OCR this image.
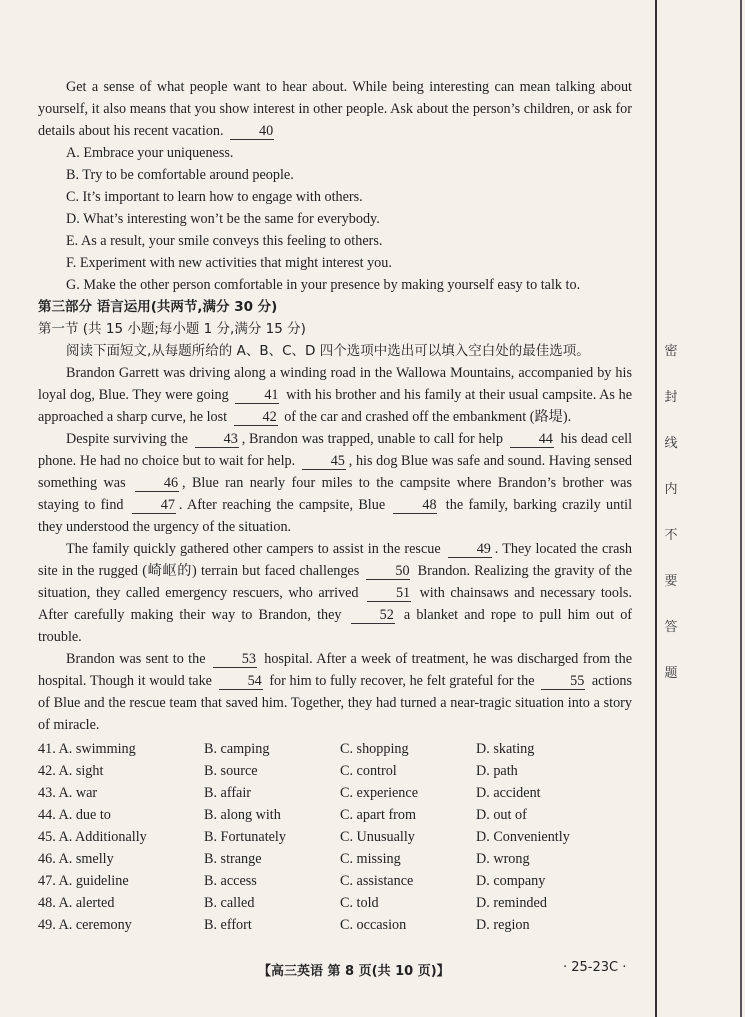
Get a sense of what people want to hear about. While being interesting can mean talking about yourself, it also means that you show interest in other people. Ask about the person’s children, or ask for details about his recent vacation. 40

A. Embrace your uniqueness.

B. Try to be comfortable around people.

C. It’s important to learn how to engage with others.

D. What’s interesting won’t be the same for everybody.

E. As a result, your smile conveys this feeling to others.

F. Experiment with new activities that might interest you.

G. Make the other person comfortable in your presence by making yourself easy to talk to.

第三部分 语言运用(共两节,满分 30 分)

第一节 (共 15 小题;每小题 1 分,满分 15 分)

阅读下面短文,从每题所给的 A、B、C、D 四个选项中选出可以填入空白处的最佳选项。

Brandon Garrett was driving along a winding road in the Wallowa Mountains, accompanied by his loyal dog, Blue. They were going	41 with his brother and his family at their usual campsite. As he approached a sharp curve, he lost 42 of the car and crashed off the embankment (路堤).

Despite surviving the	43 , Brandon was trapped, unable to call for help	44 his dead cell phone. He had no choice but to wait for help.	45 , his dog Blue was safe and sound. Having sensed something was	46 , Blue ran nearly four miles to the campsite where Brandon’s brother was staying to find	47 . After reaching the campsite, Blue	48 the family, barking crazily until they understood the urgency of the situation.

The family quickly gathered other campers to assist in the rescue	49 . They located the crash site in the rugged (崎岖的) terrain but faced challenges	50 Brandon. Realizing the gravity of the situation, they called emergency rescuers, who arrived	51 with chainsaws and necessary tools. After carefully making their way to Brandon, they	52 a blanket and rope to pull him out of trouble.

Brandon was sent to the	53 hospital. After a week of treatment, he was discharged from the hospital. Though it would take	54 for him to fully recover, he felt grateful for the	55 actions of Blue and the rescue team that saved him. Together, they had turned a near-tragic situation into a story of miracle.

41. A. swimming	B. camping	C. shopping	D. skating
42. A. sight	B. source	C. control	D. path
43. A. war	B. affair	C. experience	D. accident
44. A. due to	B. along with	C. apart from	D. out of
45. A. Additionally	B. Fortunately	C. Unusually	D. Conveniently
46. A. smelly	B. strange	C. missing	D. wrong
47. A. guideline	B. access	C. assistance	D. company
48. A. alerted	B. called	C. told	D. reminded
49. A. ceremony	B. effort	C. occasion	D. region
密
封
线
内
不
要
答
题
【高三英语 第 8 页(共 10 页)】	· 25-23C ·
